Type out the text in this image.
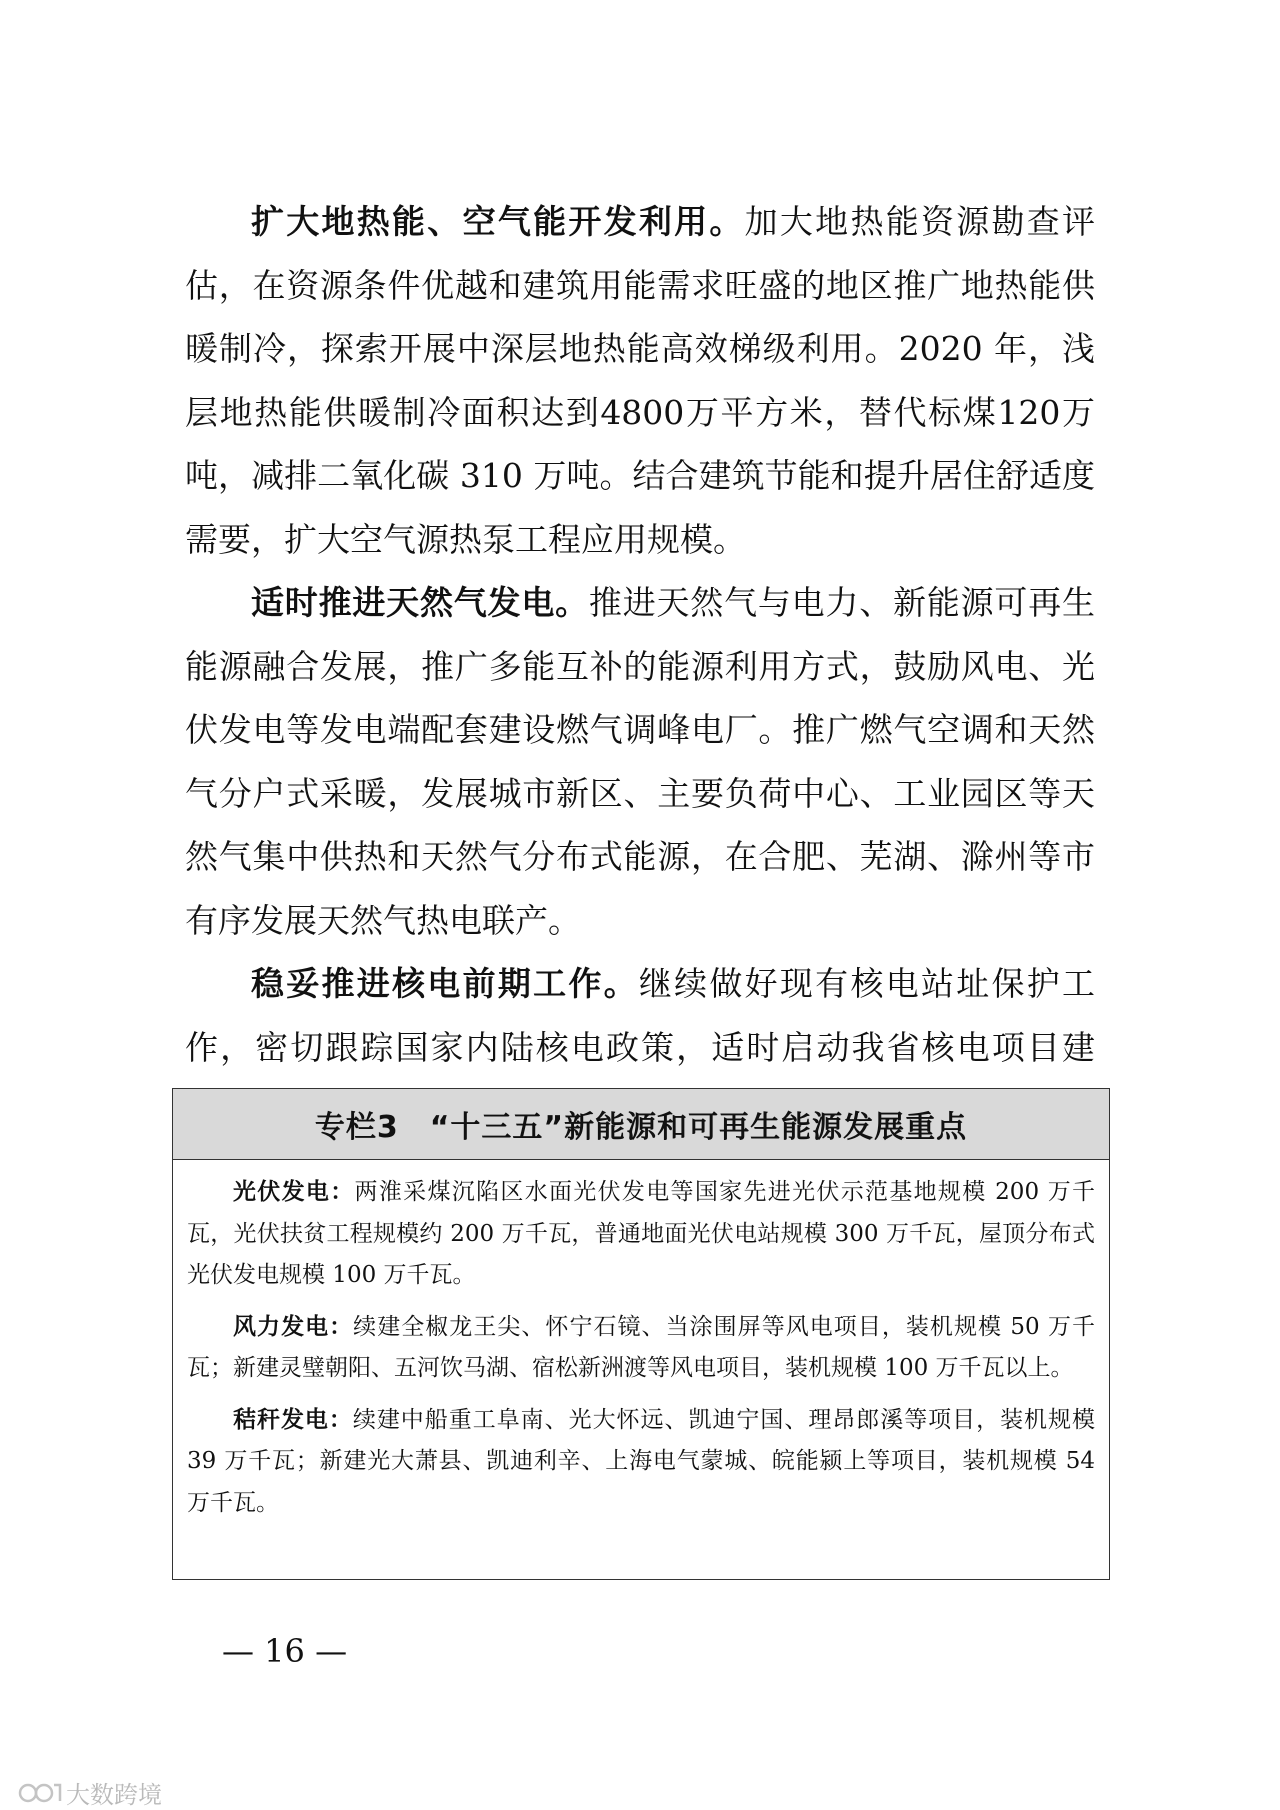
扩大地热能、空气能开发利用。加大地热能资源勘查评估，在资源条件优越和建筑用能需求旺盛的地区推广地热能供暖制冷，探索开展中深层地热能高效梯级利用。2020 年，浅层地热能供暖制冷面积达到4800万平方米，替代标煤120万吨，减排二氧化碳 310 万吨。结合建筑节能和提升居住舒适度需要，扩大空气源热泵工程应用规模。

适时推进天然气发电。推进天然气与电力、新能源可再生能源融合发展，推广多能互补的能源利用方式，鼓励风电、光伏发电等发电端配套建设燃气调峰电厂。推广燃气空调和天然气分户式采暖，发展城市新区、主要负荷中心、工业园区等天然气集中供热和天然气分布式能源，在合肥、芜湖、滁州等市有序发展天然气热电联产。

稳妥推进核电前期工作。继续做好现有核电站址保护工作，密切跟踪国家内陆核电政策，适时启动我省核电项目建

专栏3　“十三五”新能源和可再生能源发展重点

光伏发电：两淮采煤沉陷区水面光伏发电等国家先进光伏示范基地规模 200 万千瓦，光伏扶贫工程规模约 200 万千瓦，普通地面光伏电站规模 300 万千瓦，屋顶分布式光伏发电规模 100 万千瓦。

风力发电：续建全椒龙王尖、怀宁石镜、当涂围屏等风电项目，装机规模 50 万千瓦；新建灵璧朝阳、五河饮马湖、宿松新洲渡等风电项目，装机规模 100 万千瓦以上。

秸秆发电：续建中船重工阜南、光大怀远、凯迪宁国、理昂郎溪等项目，装机规模 39 万千瓦；新建光大萧县、凯迪利辛、上海电气蒙城、皖能颍上等项目，装机规模 54 万千瓦。

— 16 —
大数跨境
